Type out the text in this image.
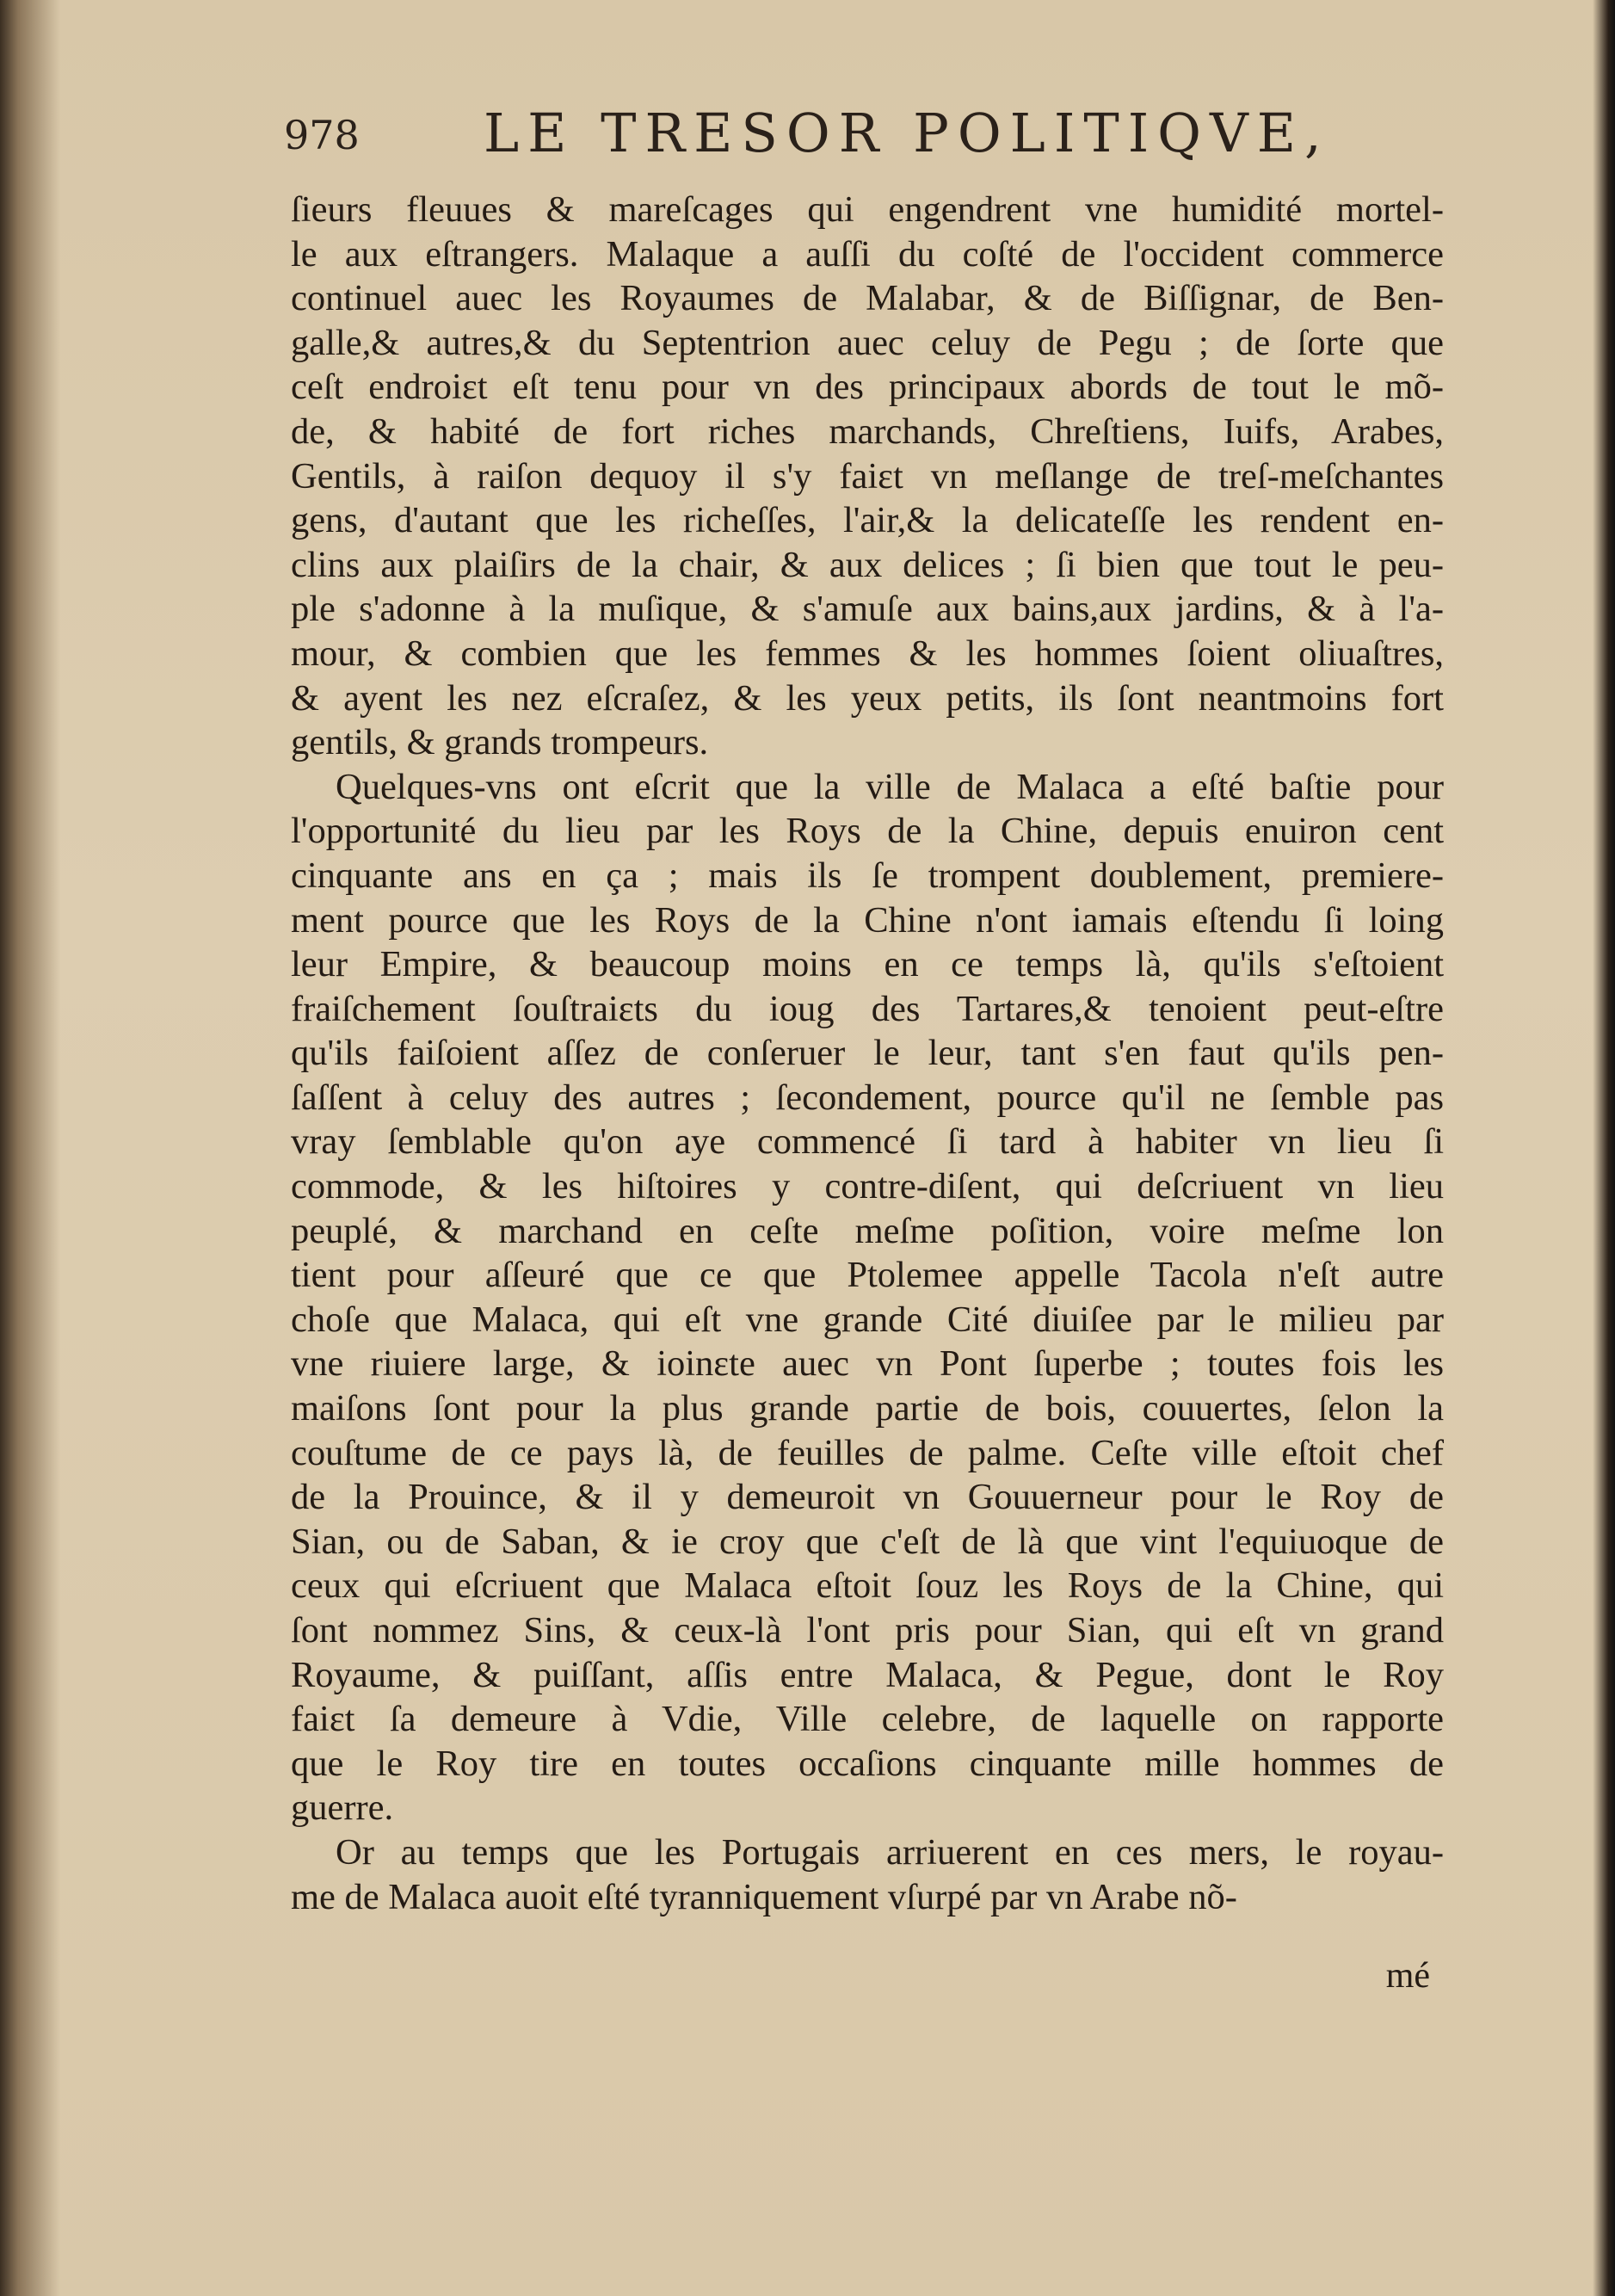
978 LE TRESOR POLITIQVE,
ſieurs fleuues & mareſcages qui engendrent vne humidité mortel-
le aux eſtrangers. Malaque a auſſi du coſté de l'occident commerce
continuel auec les Royaumes de Malabar, & de Biſſignar, de Ben-
galle,& autres,& du Septentrion auec celuy de Pegu ; de ſorte que
ceſt endroiɛt eſt tenu pour vn des principaux abords de tout le mõ-
de, & habité de fort riches marchands, Chreſtiens, Iuifs, Arabes,
Gentils, à raiſon dequoy il s'y faiɛt vn meſlange de treſ-meſchantes
gens, d'autant que les richeſſes, l'air,& la delicateſſe les rendent en-
clins aux plaiſirs de la chair, & aux delices ; ſi bien que tout le peu-
ple s'adonne à la muſique, & s'amuſe aux bains,aux jardins, & à l'a-
mour, & combien que les femmes & les hommes ſoient oliuaſtres,
& ayent les nez eſcraſez, & les yeux petits, ils ſont neantmoins fort
gentils, & grands trompeurs.
Quelques-vns ont eſcrit que la ville de Malaca a eſté baſtie pour
l'opportunité du lieu par les Roys de la Chine, depuis enuiron cent
cinquante ans en ça ; mais ils ſe trompent doublement, premiere-
ment pource que les Roys de la Chine n'ont iamais eſtendu ſi loing
leur Empire, & beaucoup moins en ce temps là, qu'ils s'eſtoient
fraiſchement ſouſtraiɛts du ioug des Tartares,& tenoient peut-eſtre
qu'ils faiſoient aſſez de conſeruer le leur, tant s'en faut qu'ils pen-
ſaſſent à celuy des autres ; ſecondement, pource qu'il ne ſemble pas
vray ſemblable qu'on aye commencé ſi tard à habiter vn lieu ſi
commode, & les hiſtoires y contre-diſent, qui deſcriuent vn lieu
peuplé, & marchand en ceſte meſme poſition, voire meſme lon
tient pour aſſeuré que ce que Ptolemee appelle Tacola n'eſt autre
choſe que Malaca, qui eſt vne grande Cité diuiſee par le milieu par
vne riuiere large, & ioinɛte auec vn Pont ſuperbe ; toutes fois les
maiſons ſont pour la plus grande partie de bois, couuertes, ſelon la
couſtume de ce pays là, de feuilles de palme. Ceſte ville eſtoit chef
de la Prouince, & il y demeuroit vn Gouuerneur pour le Roy de
Sian, ou de Saban, & ie croy que c'eſt de là que vint l'equiuoque de
ceux qui eſcriuent que Malaca eſtoit ſouz les Roys de la Chine, qui
ſont nommez Sins, & ceux-là l'ont pris pour Sian, qui eſt vn grand
Royaume, & puiſſant, aſſis entre Malaca, & Pegue, dont le Roy
faiɛt ſa demeure à Vdie, Ville celebre, de laquelle on rapporte
que le Roy tire en toutes occaſions cinquante mille hommes de
guerre.
Or au temps que les Portugais arriuerent en ces mers, le royau-
me de Malaca auoit eſté tyranniquement vſurpé par vn Arabe nõ-
mé
